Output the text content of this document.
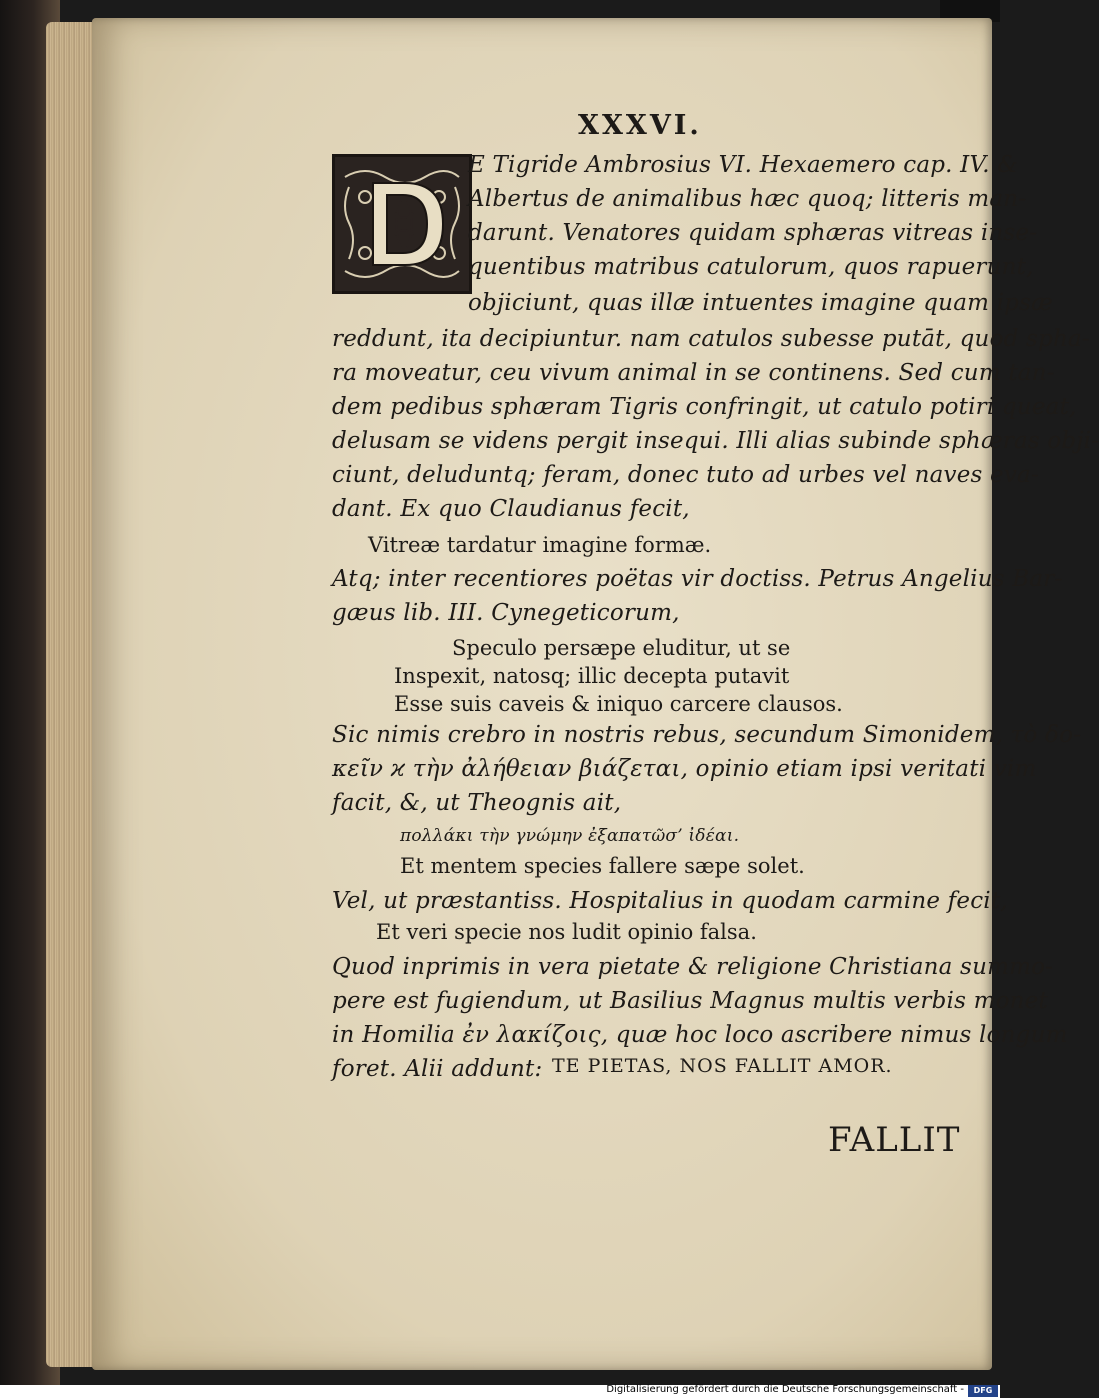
XXXVI.
E Tigride Ambrosius VI. Hexaemero cap. IV. &
Albertus de animalibus hæc quoq; litteris man-
darunt. Venatores quidam sphæras vitreas inse-
quentibus matribus catulorum, quos rapuerunt,
objiciunt, quas illæ intuentes imagine quam ipsæ
reddunt, ita decipiuntur. nam catulos subesse putāt, quod spha-
ra moveatur, ceu vivum animal in se continens. Sed cum tan-
dem pedibus sphæram Tigris confringit, ut catulo potiri queat,
delusam se videns pergit insequi. Illi alias subinde sphæras obji-
ciunt, deluduntq; feram, donec tuto ad urbes vel naves eva-
dant. Ex quo Claudianus fecit,
Vitreæ tardatur imagine formæ.
Atq; inter recentiores poëtas vir doctiss. Petrus Angelius Bar-
gæus lib. III. Cynegeticorum,
Speculo persæpe eluditur, ut se
Inspexit, natosq; illic decepta putavit
Esse suis caveis & iniquo carcere clausos.
Sic nimis crebro in nostris rebus, secundum Simonidem, τὸ δο-
κεῖν ϰ τὴν ἀλήθειαν βιάζεται, opinio etiam ipsi veritati vim
facit, &, ut Theognis ait,
πολλάκι τὴν γνώμην ἐξαπατῶσ’ ἰδέαι.
Et mentem species fallere sæpe solet.
Vel, ut præstantiss. Hospitalius in quodam carmine fecit,
Et veri specie nos ludit opinio falsa.
Quod inprimis in vera pietate & religione Christiana summo-
pere est fugiendum, ut Basilius Magnus multis verbis monet
in Homilia ἐν λακίζοις, quæ hoc loco ascribere nimus longum
foret. Alii addunt: TE PIETAS, NOS FALLIT AMOR.
FALLIT
Digitalisierung gefördert durch die Deutsche Forschungsgemeinschaft -	DFG
